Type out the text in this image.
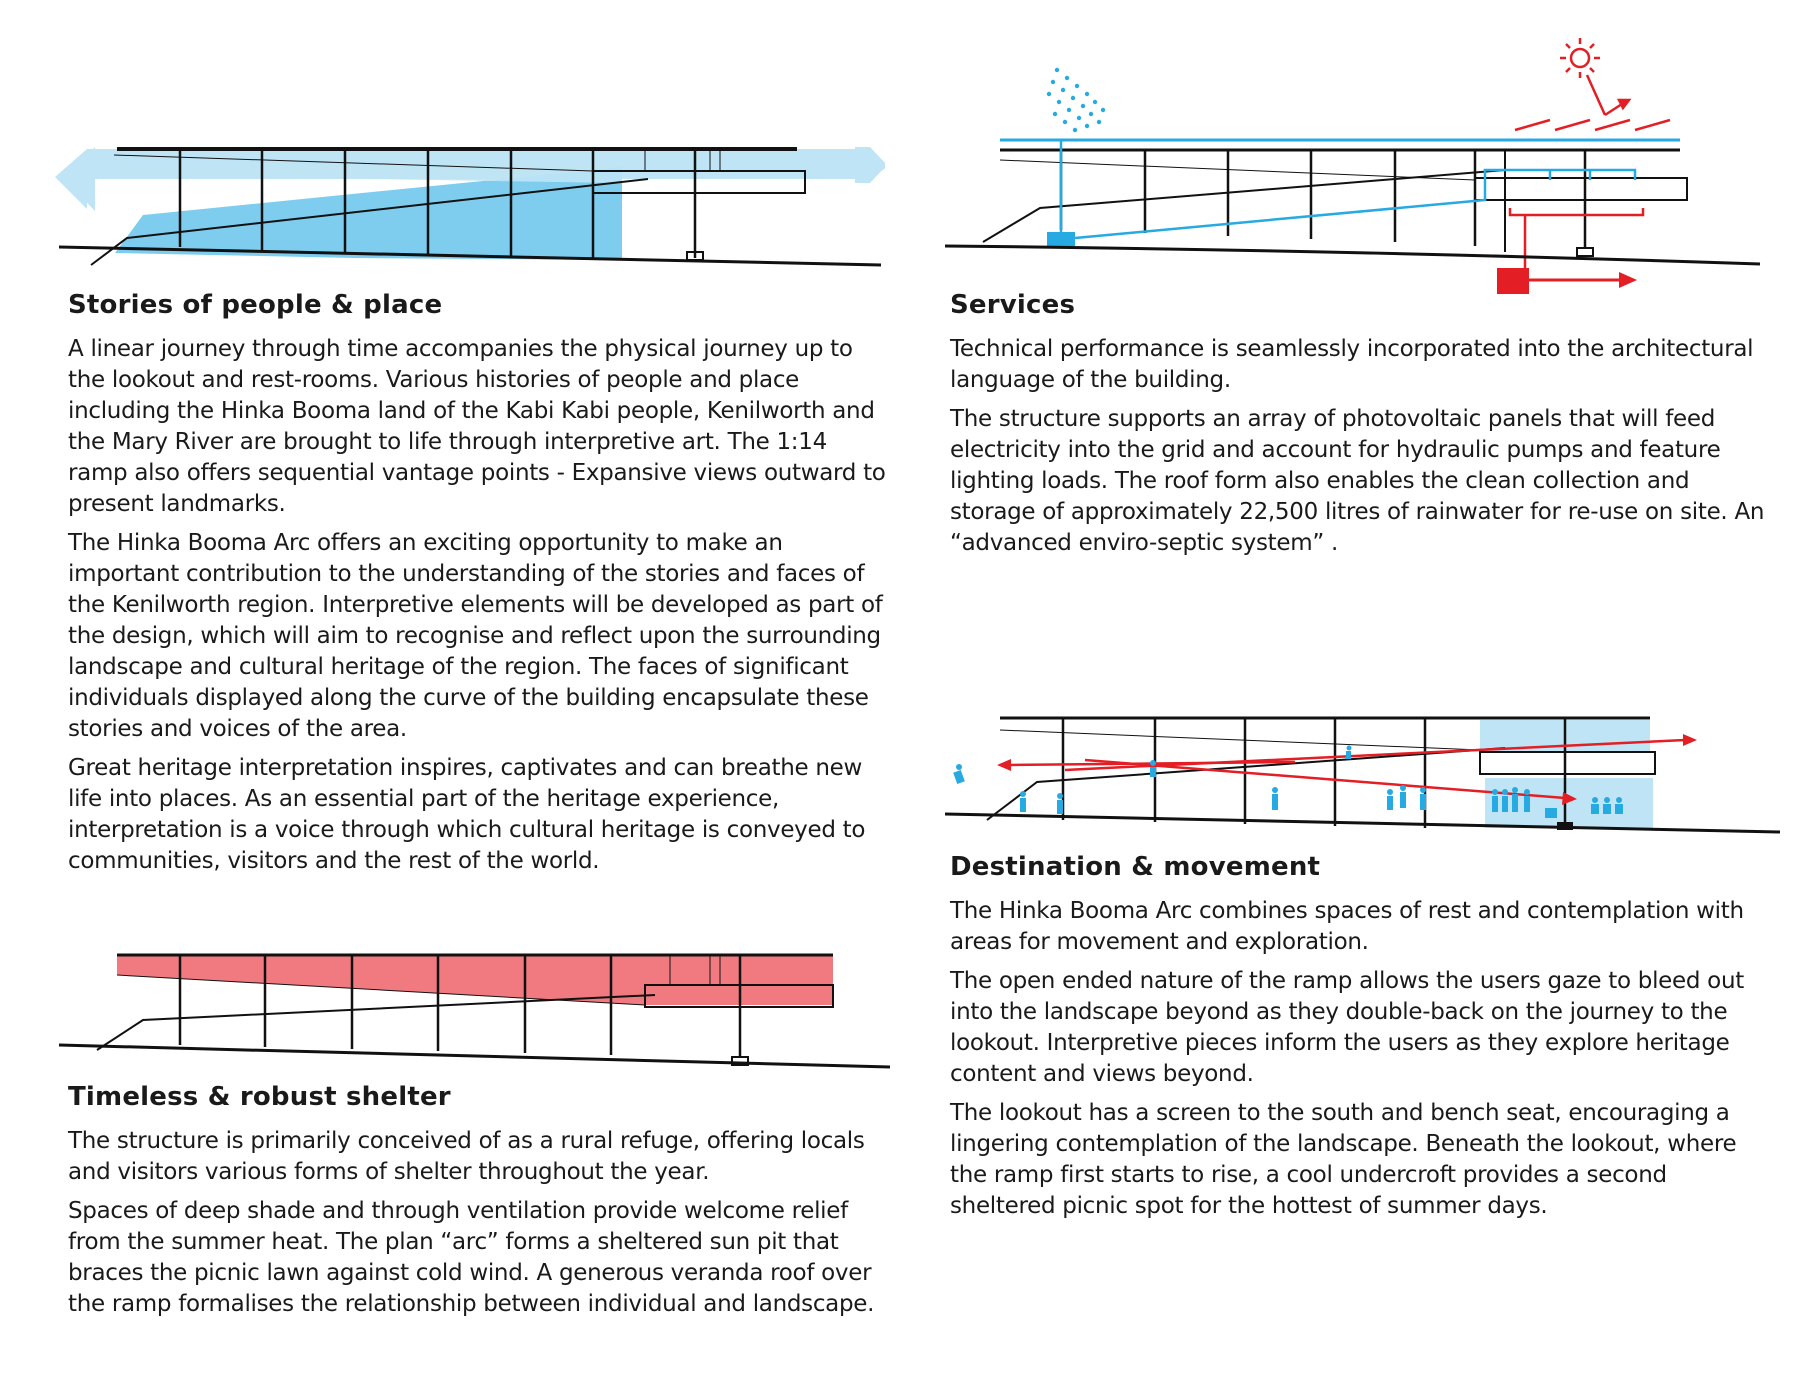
Stories of people & place

A linear journey through time accompanies the physical journey up to the lookout and rest-rooms. Various histories of people and place including the Hinka Booma land of the Kabi Kabi people, Kenilworth and the Mary River are brought to life through interpretive art. The 1:14 ramp also offers sequential vantage points - Expansive views outward to present landmarks.

The Hinka Booma Arc offers an exciting opportunity to make an important contribution to the understanding of the stories and faces of the Kenilworth region. Interpretive elements will be developed as part of the design, which will aim to recognise and reflect upon the surrounding landscape and cultural heritage of the region. The faces of significant individuals displayed along the curve of the building encapsulate these stories and voices of the area.

Great heritage interpretation inspires, captivates and can breathe new life into places. As an essential part of the heritage experience, interpretation is a voice through which cultural heritage is conveyed to communities, visitors and the rest of the world.

Services

Technical performance is seamlessly incorporated into the architectural language of the building.

The structure supports an array of photovoltaic panels that will feed electricity into the grid and account for hydraulic pumps and feature lighting loads. The roof form also enables the clean collection and storage of approximately 22,500 litres of rainwater for re-use on site. An “advanced enviro-septic system” .

Timeless & robust shelter

The structure is primarily conceived of as a rural refuge, offering locals and visitors various forms of shelter throughout the year.

Spaces of deep shade and through ventilation provide welcome relief from the summer heat. The plan “arc” forms a sheltered sun pit that braces the picnic lawn against cold wind. A generous veranda roof over the ramp formalises the relationship between individual and landscape.

Destination & movement

The Hinka Booma Arc combines spaces of rest and contemplation with areas for movement and exploration.

The open ended nature of the ramp allows the users gaze to bleed out into the landscape beyond as they double-back on the journey to the lookout. Interpretive pieces inform the users as they explore heritage content and views beyond.

The lookout has a screen to the south and bench seat, encouraging a lingering contemplation of the landscape. Beneath the lookout, where the ramp first starts to rise, a cool undercroft provides a second sheltered picnic spot for the hottest of summer days.
